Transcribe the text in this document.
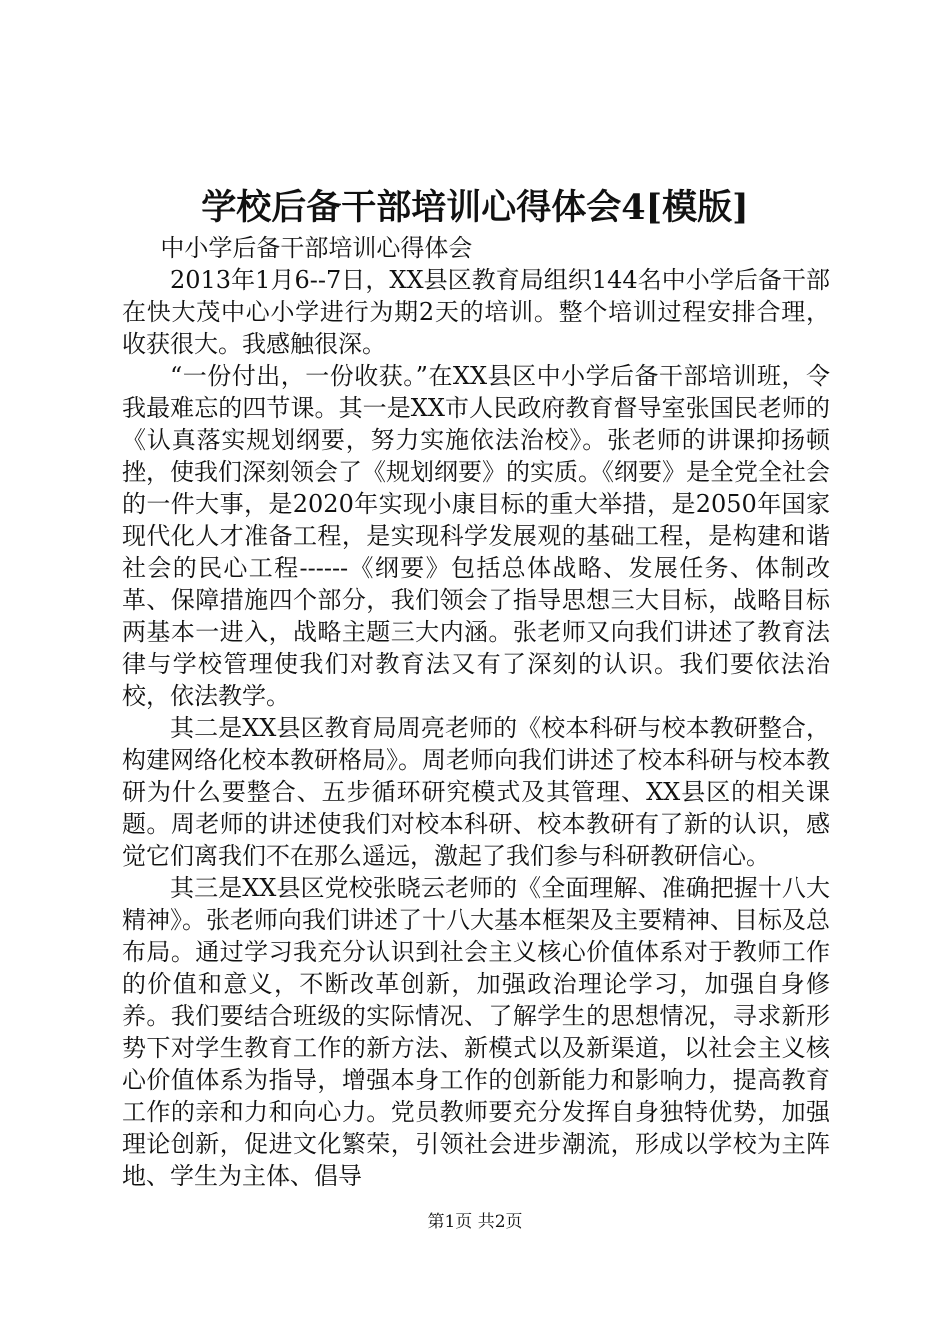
学校后备干部培训心得体会4[模版]

中小学后备干部培训心得体会

2013年1月6--7日，XX县区教育局组织144名中小学后备干部在快大茂中心小学进行为期2天的培训。整个培训过程安排合理，收获很大。我感触很深。

“一份付出，一份收获。”在XX县区中小学后备干部培训班，令我最难忘的四节课。其一是XX市人民政府教育督导室张国民老师的《认真落实规划纲要，努力实施依法治校》。张老师的讲课抑扬顿挫，使我们深刻领会了《规划纲要》的实质。《纲要》是全党全社会的一件大事，是2020年实现小康目标的重大举措，是2050年国家现代化人才准备工程，是实现科学发展观的基础工程，是构建和谐社会的民心工程------《纲要》包括总体战略、发展任务、体制改革、保障措施四个部分，我们领会了指导思想三大目标，战略目标两基本一进入，战略主题三大内涵。张老师又向我们讲述了教育法律与学校管理使我们对教育法又有了深刻的认识。我们要依法治校，依法教学。

其二是XX县区教育局周亮老师的《校本科研与校本教研整合，构建网络化校本教研格局》。周老师向我们讲述了校本科研与校本教研为什么要整合、五步循环研究模式及其管理、XX县区的相关课题。周老师的讲述使我们对校本科研、校本教研有了新的认识，感觉它们离我们不在那么遥远，激起了我们参与科研教研信心。

其三是XX县区党校张晓云老师的《全面理解、准确把握十八大精神》。张老师向我们讲述了十八大基本框架及主要精神、目标及总布局。通过学习我充分认识到社会主义核心价值体系对于教师工作的价值和意义，不断改革创新，加强政治理论学习，加强自身修养。我们要结合班级的实际情况、了解学生的思想情况，寻求新形势下对学生教育工作的新方法、新模式以及新渠道，以社会主义核心价值体系为指导，增强本身工作的创新能力和影响力，提高教育工作的亲和力和向心力。党员教师要充分发挥自身独特优势，加强理论创新，促进文化繁荣，引领社会进步潮流，形成以学校为主阵地、学生为主体、倡导

第1页 共2页
